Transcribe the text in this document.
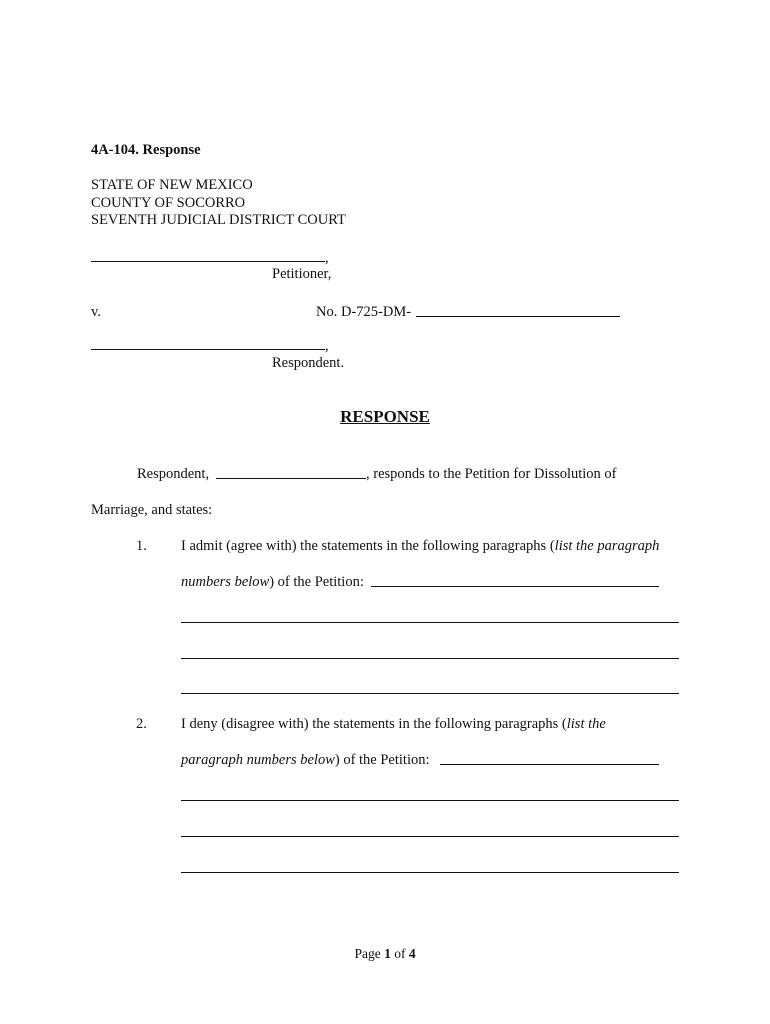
4A-104. Response
STATE OF NEW MEXICO
COUNTY OF SOCORRO
SEVENTH JUDICIAL DISTRICT COURT
,
Petitioner,
v.	No. D-725-DM-
,
Respondent.
RESPONSE
Respondent,	, responds to the Petition for Dissolution of
Marriage, and states:
1. I admit (agree with) the statements in the following paragraphs (list the paragraph
numbers below) of the Petition:
2. I deny (disagree with) the statements in the following paragraphs (list the
paragraph numbers below) of the Petition:
Page 1 of 4
